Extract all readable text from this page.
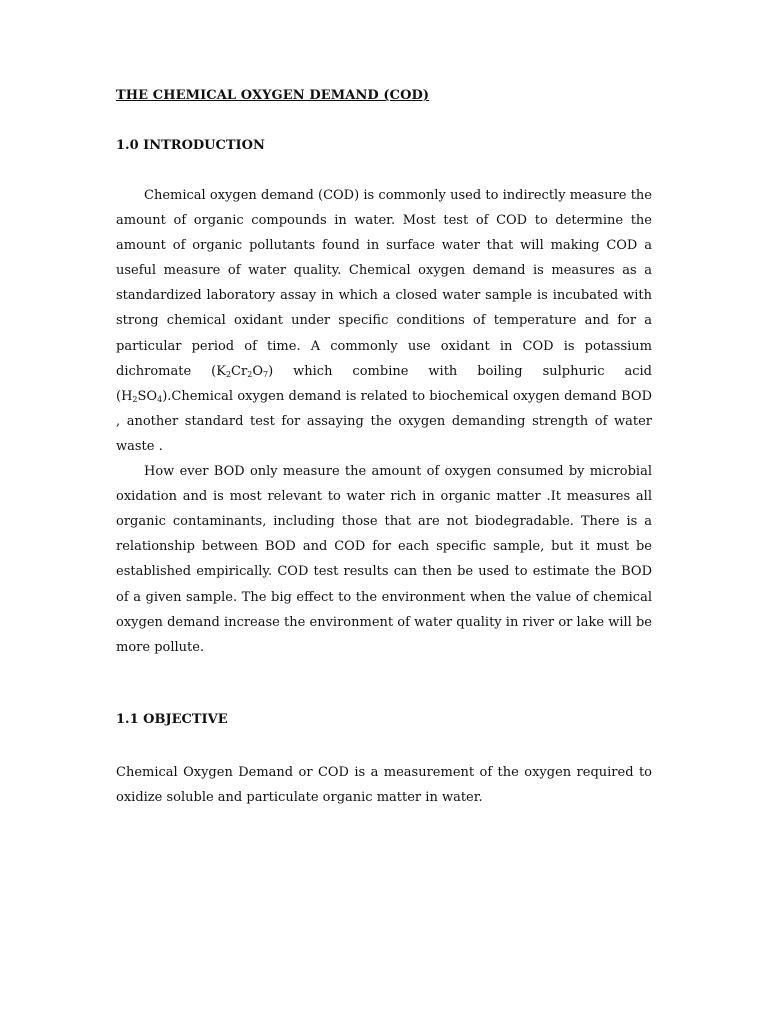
THE CHEMICAL OXYGEN DEMAND (COD)
1.0 INTRODUCTION

Chemical oxygen demand (COD) is commonly used to indirectly measure the amount of organic compounds in water. Most test of COD to determine the amount of organic pollutants found in surface water that will making COD a useful measure of water quality. Chemical oxygen demand is measures as a standardized laboratory assay in which a closed water sample is incubated with strong chemical oxidant under specific conditions of temperature and for a particular period of time. A commonly use oxidant in COD is potassium dichromate $(K_2Cr_2O_7)$ which combine with boiling sulphuric acid $(H_2SO_4).Chemical$ oxygen demand is related to biochemical oxygen demand BOD , another standard test for assaying the oxygen demanding strength of water waste .

How ever BOD only measure the amount of oxygen consumed by microbial oxidation and is most relevant to water rich in organic matter .It measures all organic contaminants, including those that are not biodegradable. There is a relationship between BOD and COD for each specific sample, but it must be established empirically. COD test results can then be used to estimate the BOD of a given sample. The big effect to the environment when the value of chemical oxygen demand increase the environment of water quality in river or lake will be more pollute.

1.1 OBJECTIVE

Chemical Oxygen Demand or COD is a measurement of the oxygen required to oxidize soluble and particulate organic matter in water.
